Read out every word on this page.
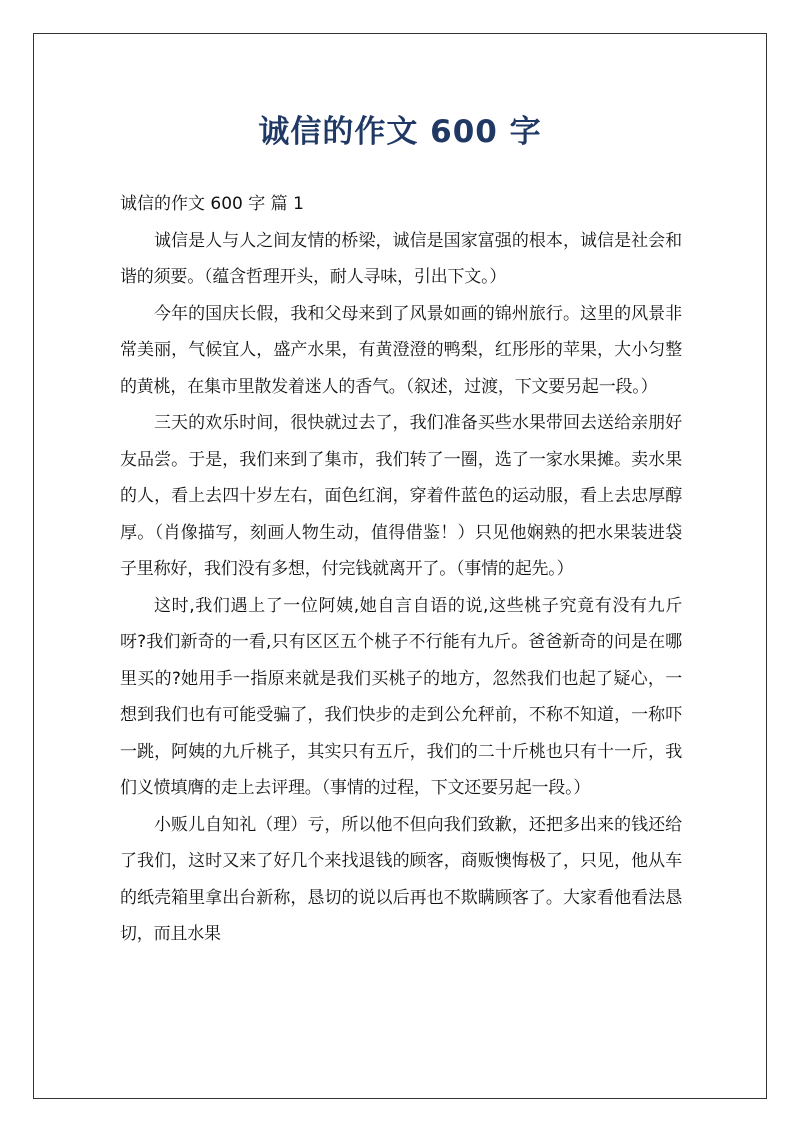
诚信的作文 600 字

诚信的作文 600 字 篇 1

诚信是人与人之间友情的桥梁，诚信是国家富强的根本，诚信是社会和谐的须要。（蕴含哲理开头，耐人寻味，引出下文。）

今年的国庆长假，我和父母来到了风景如画的锦州旅行。这里的风景非常美丽，气候宜人，盛产水果，有黄澄澄的鸭梨，红彤彤的苹果，大小匀整的黄桃，在集市里散发着迷人的香气。（叙述，过渡，下文要另起一段。）

三天的欢乐时间，很快就过去了，我们准备买些水果带回去送给亲朋好友品尝。于是，我们来到了集市，我们转了一圈，选了一家水果摊。卖水果的人，看上去四十岁左右，面色红润，穿着件蓝色的运动服，看上去忠厚醇厚。（肖像描写，刻画人物生动，值得借鉴！）只见他娴熟的把水果装进袋子里称好，我们没有多想，付完钱就离开了。（事情的起先。）

这时,我们遇上了一位阿姨,她自言自语的说,这些桃子究竟有没有九斤呀?我们新奇的一看,只有区区五个桃子不行能有九斤。爸爸新奇的问是在哪里买的?她用手一指原来就是我们买桃子的地方，忽然我们也起了疑心，一想到我们也有可能受骗了，我们快步的走到公允秤前，不称不知道，一称吓一跳，阿姨的九斤桃子，其实只有五斤，我们的二十斤桃也只有十一斤，我们义愤填膺的走上去评理。（事情的过程，下文还要另起一段。）

小贩儿自知礼（理）亏，所以他不但向我们致歉，还把多出来的钱还给了我们，这时又来了好几个来找退钱的顾客，商贩懊悔极了，只见，他从车的纸壳箱里拿出台新称，恳切的说以后再也不欺瞒顾客了。大家看他看法恳切，而且水果
